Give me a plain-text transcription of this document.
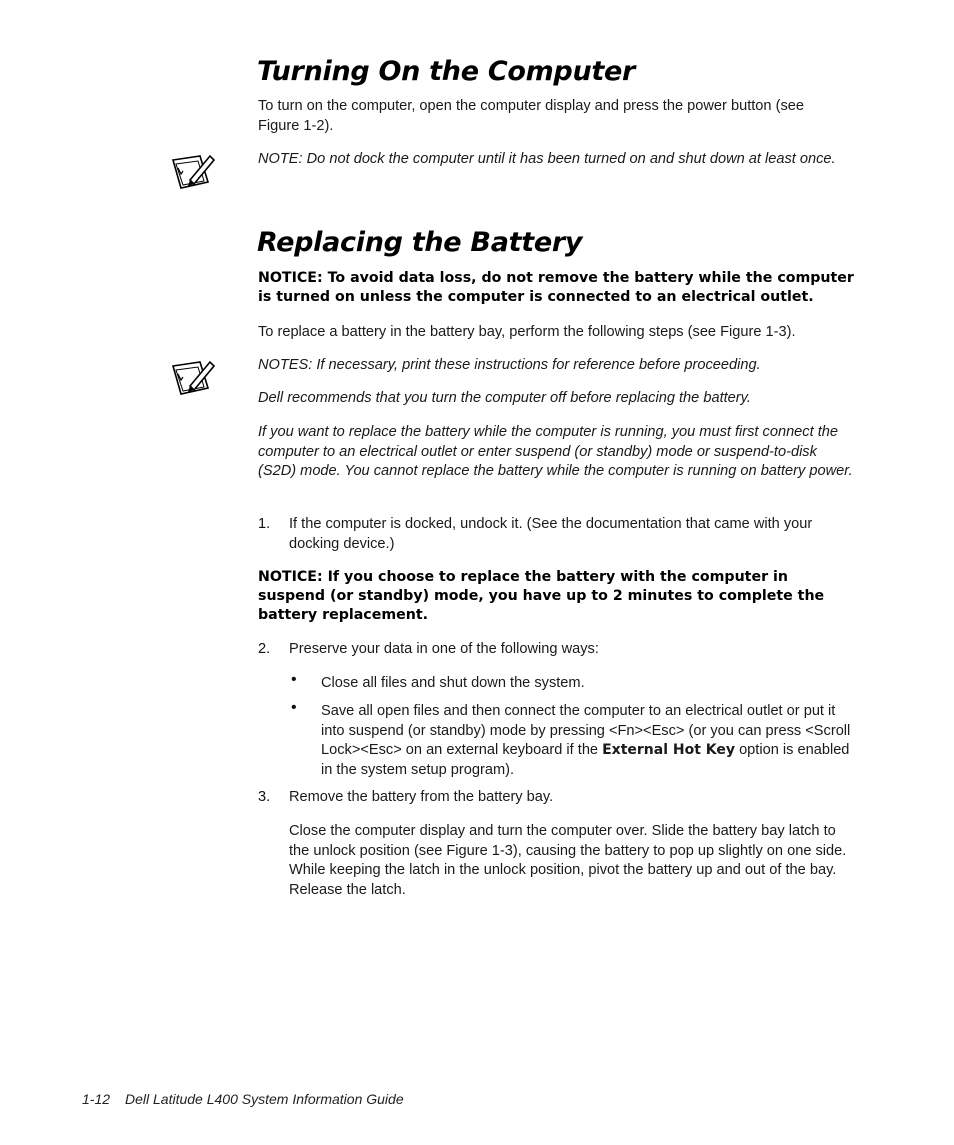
Turning On the Computer

To turn on the computer, open the computer display and press the power button (see Figure 1-2).

NOTE: Do not dock the computer until it has been turned on and shut down at least once.

Replacing the Battery

NOTICE: To avoid data loss, do not remove the battery while the computer is turned on unless the computer is connected to an electrical outlet.

To replace a battery in the battery bay, perform the following steps (see Figure 1-3).

NOTES: If necessary, print these instructions for reference before proceeding.

Dell recommends that you turn the computer off before replacing the battery.

If you want to replace the battery while the computer is running, you must first connect the computer to an electrical outlet or enter suspend (or standby) mode or suspend-to-disk (S2D) mode. You cannot replace the battery while the computer is running on battery power.

1. If the computer is docked, undock it. (See the documentation that came with your docking device.)

NOTICE: If you choose to replace the battery with the computer in suspend (or standby) mode, you have up to 2 minutes to complete the battery replacement.

2. Preserve your data in one of the following ways:

• Close all files and shut down the system.

• Save all open files and then connect the computer to an electrical outlet or put it into suspend (or standby) mode by pressing <Fn><Esc> (or you can press <Scroll Lock><Esc> on an external keyboard if the External Hot Key option is enabled in the system setup program).

3. Remove the battery from the battery bay.

Close the computer display and turn the computer over. Slide the battery bay latch to the unlock position (see Figure 1-3), causing the battery to pop up slightly on one side. While keeping the latch in the unlock position, pivot the battery up and out of the bay. Release the latch.

1-12 Dell Latitude L400 System Information Guide
